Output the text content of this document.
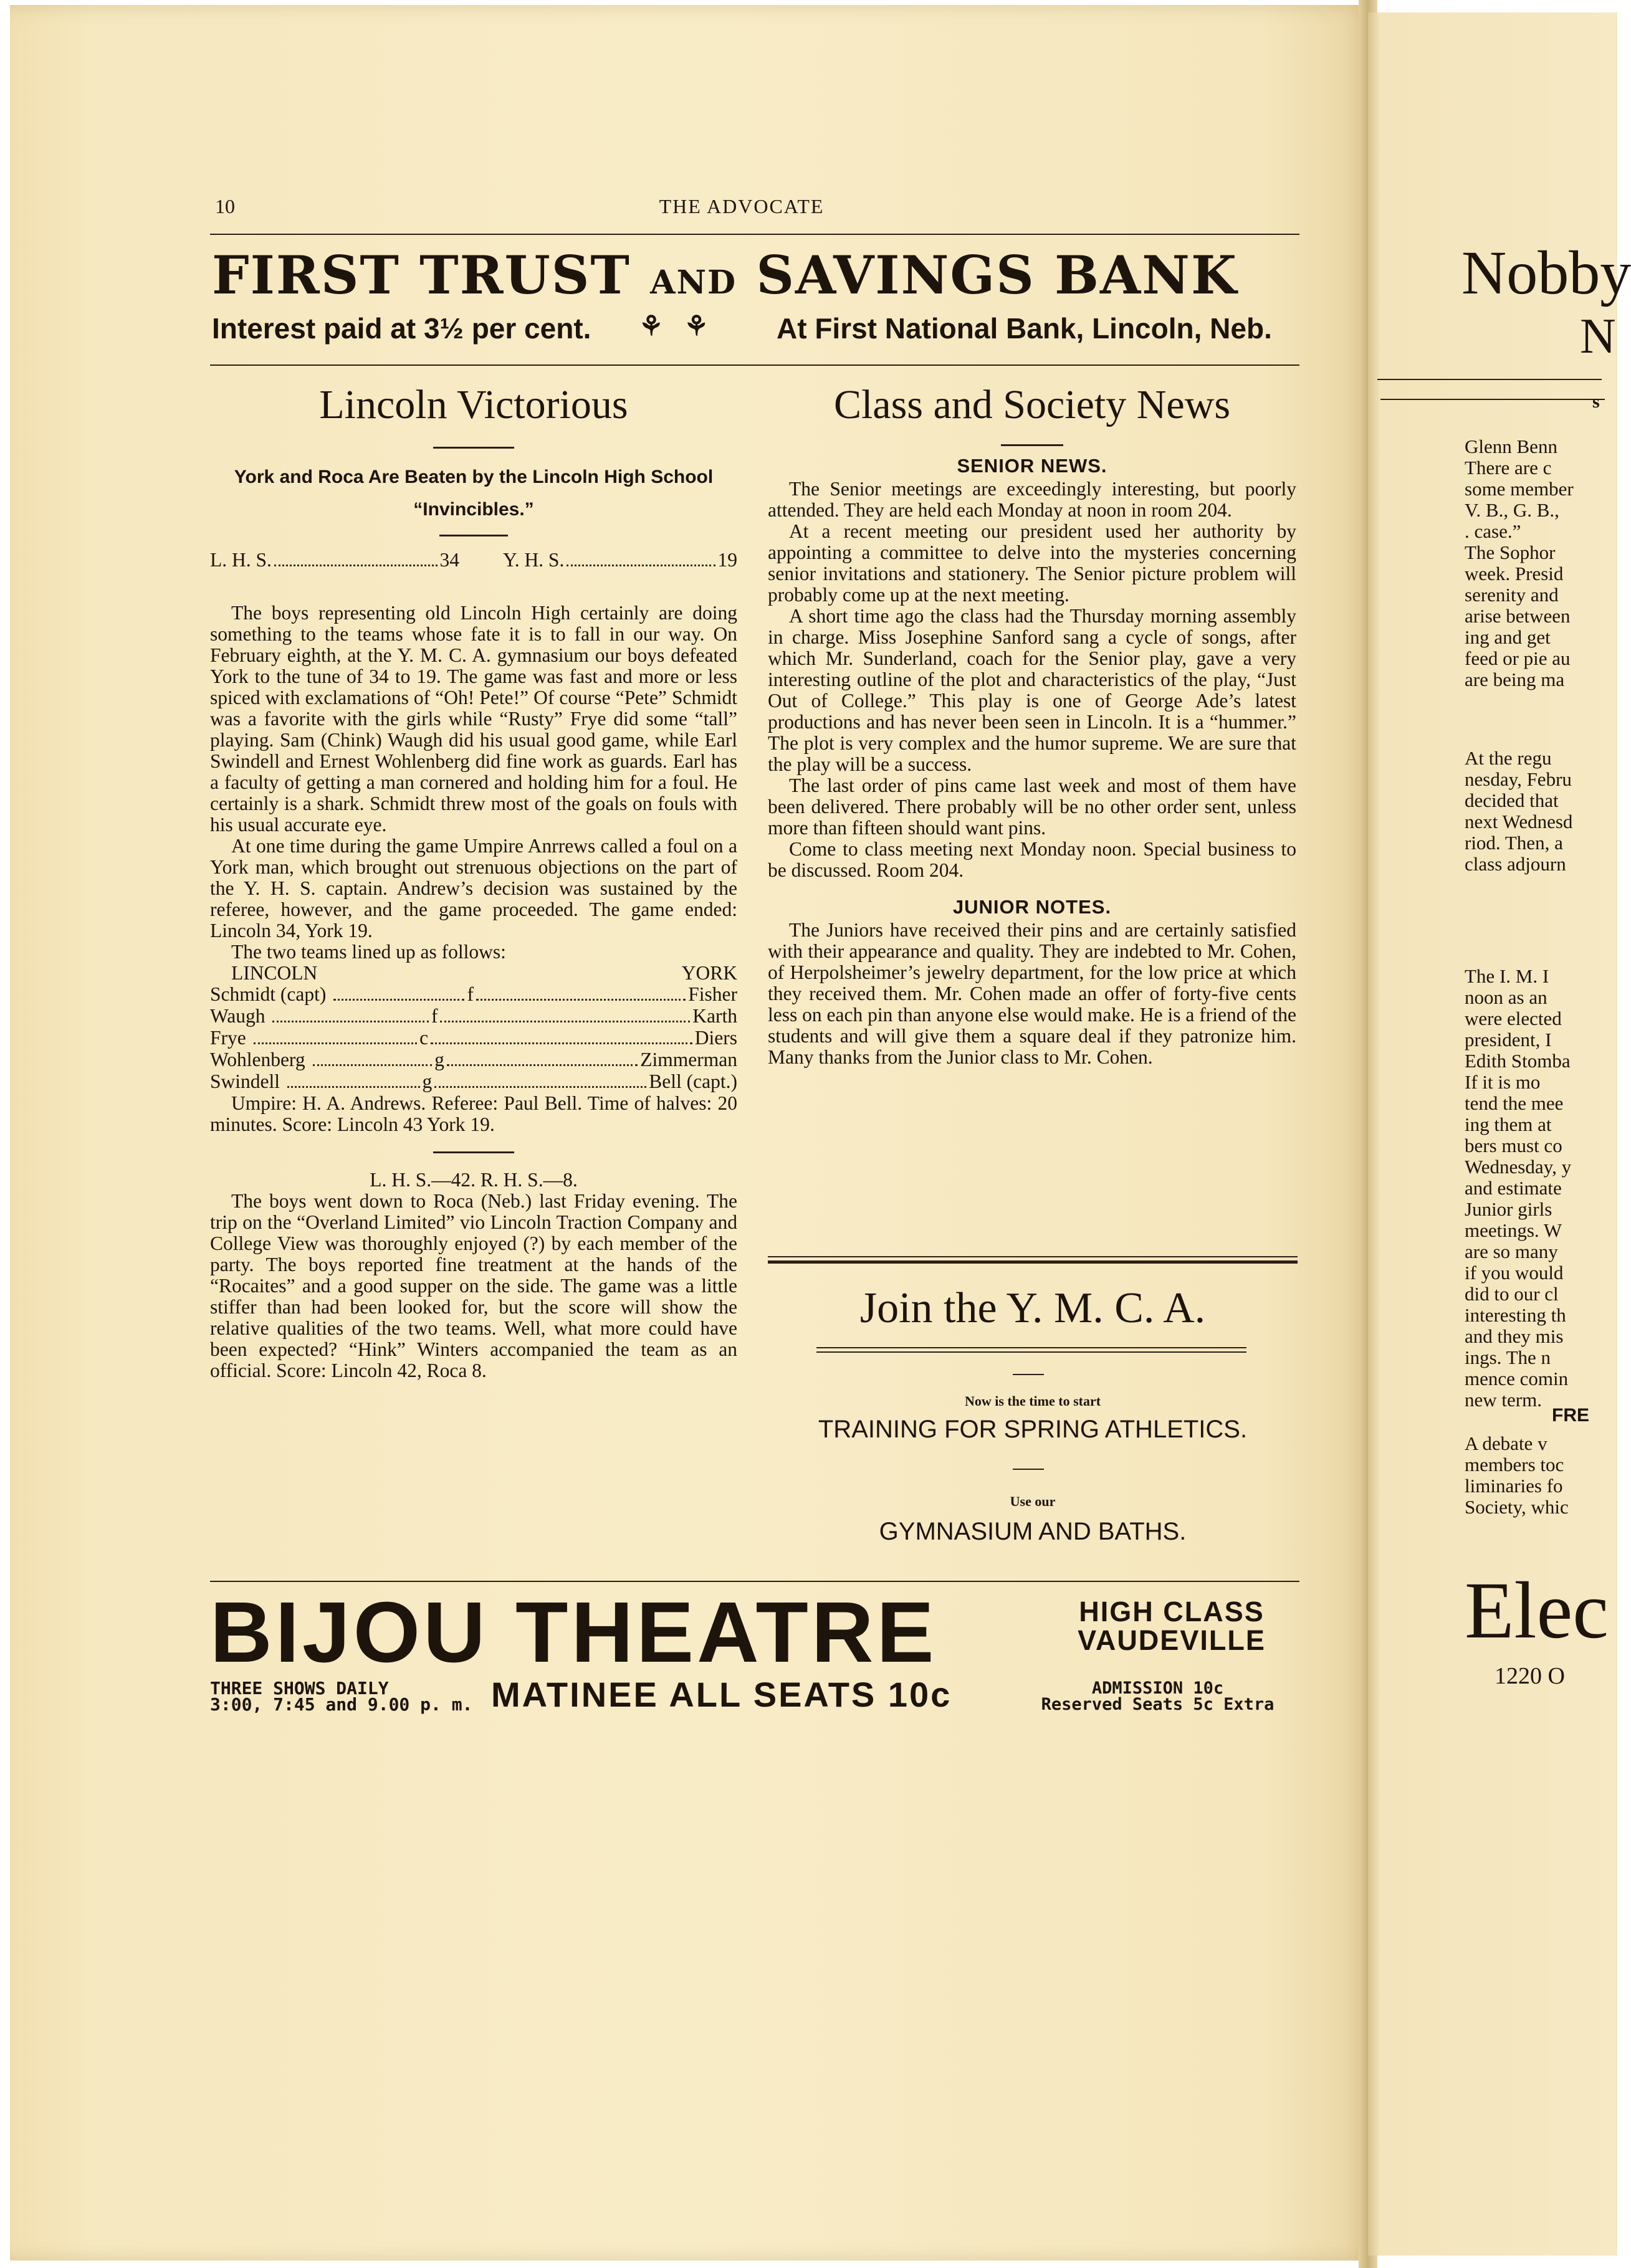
10	THE ADVOCATE
FIRST TRUST AND SAVINGS BANK
Interest paid at 3½ per cent. ⚘   ⚘ At First National Bank, Lincoln, Neb.
Lincoln Victorious
York and Roca Are Beaten by the Lincoln High School “Invincibles.”
L. H. S.	34 Y. H. S.	19

The boys representing old Lincoln High certainly are doing something to the teams whose fate it is to fall in our way. On February eighth, at the Y. M. C. A. gymnasium our boys defeated York to the tune of 34 to 19. The game was fast and more or less spiced with exclamations of “Oh! Pete!” Of course “Pete” Schmidt was a favorite with the girls while “Rusty” Frye did some “tall” playing. Sam (Chink) Waugh did his usual good game, while Earl Swindell and Ernest Wohlenberg did fine work as guards. Earl has a faculty of getting a man cornered and holding him for a foul. He certainly is a shark. Schmidt threw most of the goals on fouls with his usual accurate eye.

At one time during the game Umpire Anrrews called a foul on a York man, which brought out strenuous objections on the part of the Y. H. S. captain. Andrew’s decision was sustained by the referee, however, and the game proceeded. The game ended: Lincoln 34, York 19.

The two teams lined up as follows:

LINCOLN	YORK
Schmidt (capt)	f	Fisher
Waugh	f	Karth
Frye	c	Diers
Wohlenberg	g	Zimmerman
Swindell	g	Bell (capt.)

Umpire: H. A. Andrews. Referee: Paul Bell. Time of halves: 20 minutes. Score: Lincoln 43 York 19.

L. H. S.—42. R. H. S.—8.

The boys went down to Roca (Neb.) last Friday evening. The trip on the “Overland Limited” vio Lincoln Traction Company and College View was thoroughly enjoyed (?) by each member of the party. The boys reported fine treatment at the hands of the “Rocaites” and a good supper on the side. The game was a little stiffer than had been looked for, but the score will show the relative qualities of the two teams. Well, what more could have been expected? “Hink” Winters accompanied the team as an official. Score: Lincoln 42, Roca 8.

Class and Society News
SENIOR NEWS.

The Senior meetings are exceedingly interesting, but poorly attended. They are held each Monday at noon in room 204.

At a recent meeting our president used her authority by appointing a committee to delve into the mysteries concerning senior invitations and stationery. The Senior picture problem will probably come up at the next meeting.

A short time ago the class had the Thursday morning assembly in charge. Miss Josephine Sanford sang a cycle of songs, after which Mr. Sunderland, coach for the Senior play, gave a very interesting outline of the plot and characteristics of the play, “Just Out of College.” This play is one of George Ade’s latest productions and has never been seen in Lincoln. It is a “hummer.” The plot is very complex and the humor supreme. We are sure that the play will be a success.

The last order of pins came last week and most of them have been delivered. There probably will be no other order sent, unless more than fifteen should want pins.

Come to class meeting next Monday noon. Special business to be discussed. Room 204.

JUNIOR NOTES.

The Juniors have received their pins and are certainly satisfied with their appearance and quality. They are indebted to Mr. Cohen, of Herpolsheimer’s jewelry department, for the low price at which they received them. Mr. Cohen made an offer of forty-five cents less on each pin than anyone else would make. He is a friend of the students and will give them a square deal if they patronize him. Many thanks from the Junior class to Mr. Cohen.

Join the Y. M. C. A.
Now is the time to start
TRAINING FOR SPRING ATHLETICS.
Use our
GYMNASIUM AND BATHS.
BIJOU THEATRE	HIGH CLASS
VAUDEVILLE
THREE SHOWS DAILY
3:00, 7:45 and 9.00 p. m. MATINEE ALL SEATS 10c	ADMISSION 10c
Reserved Seats 5c Extra
Nobby
N
s
Glenn Benn
There are c
some member
V. B., G. B.,
. case.”
The Sophor
week. Presid
serenity and
arise between
ing and get
feed or pie au
are being ma
At the regu
nesday, Febru
decided that
next Wednesd
riod. Then, a
class adjourn
The I. M. I
noon as an
were elected
president, I
Edith Stomba
If it is mo
tend the mee
ing them at
bers must co
Wednesday, y
and estimate
Junior girls
meetings. W
are so many
if you would
did to our cl
interesting th
and they mis
ings. The n
mence comin
new term.
FRE
A debate v
members toc
liminaries fo
Society, whic
Elec
1220 O
